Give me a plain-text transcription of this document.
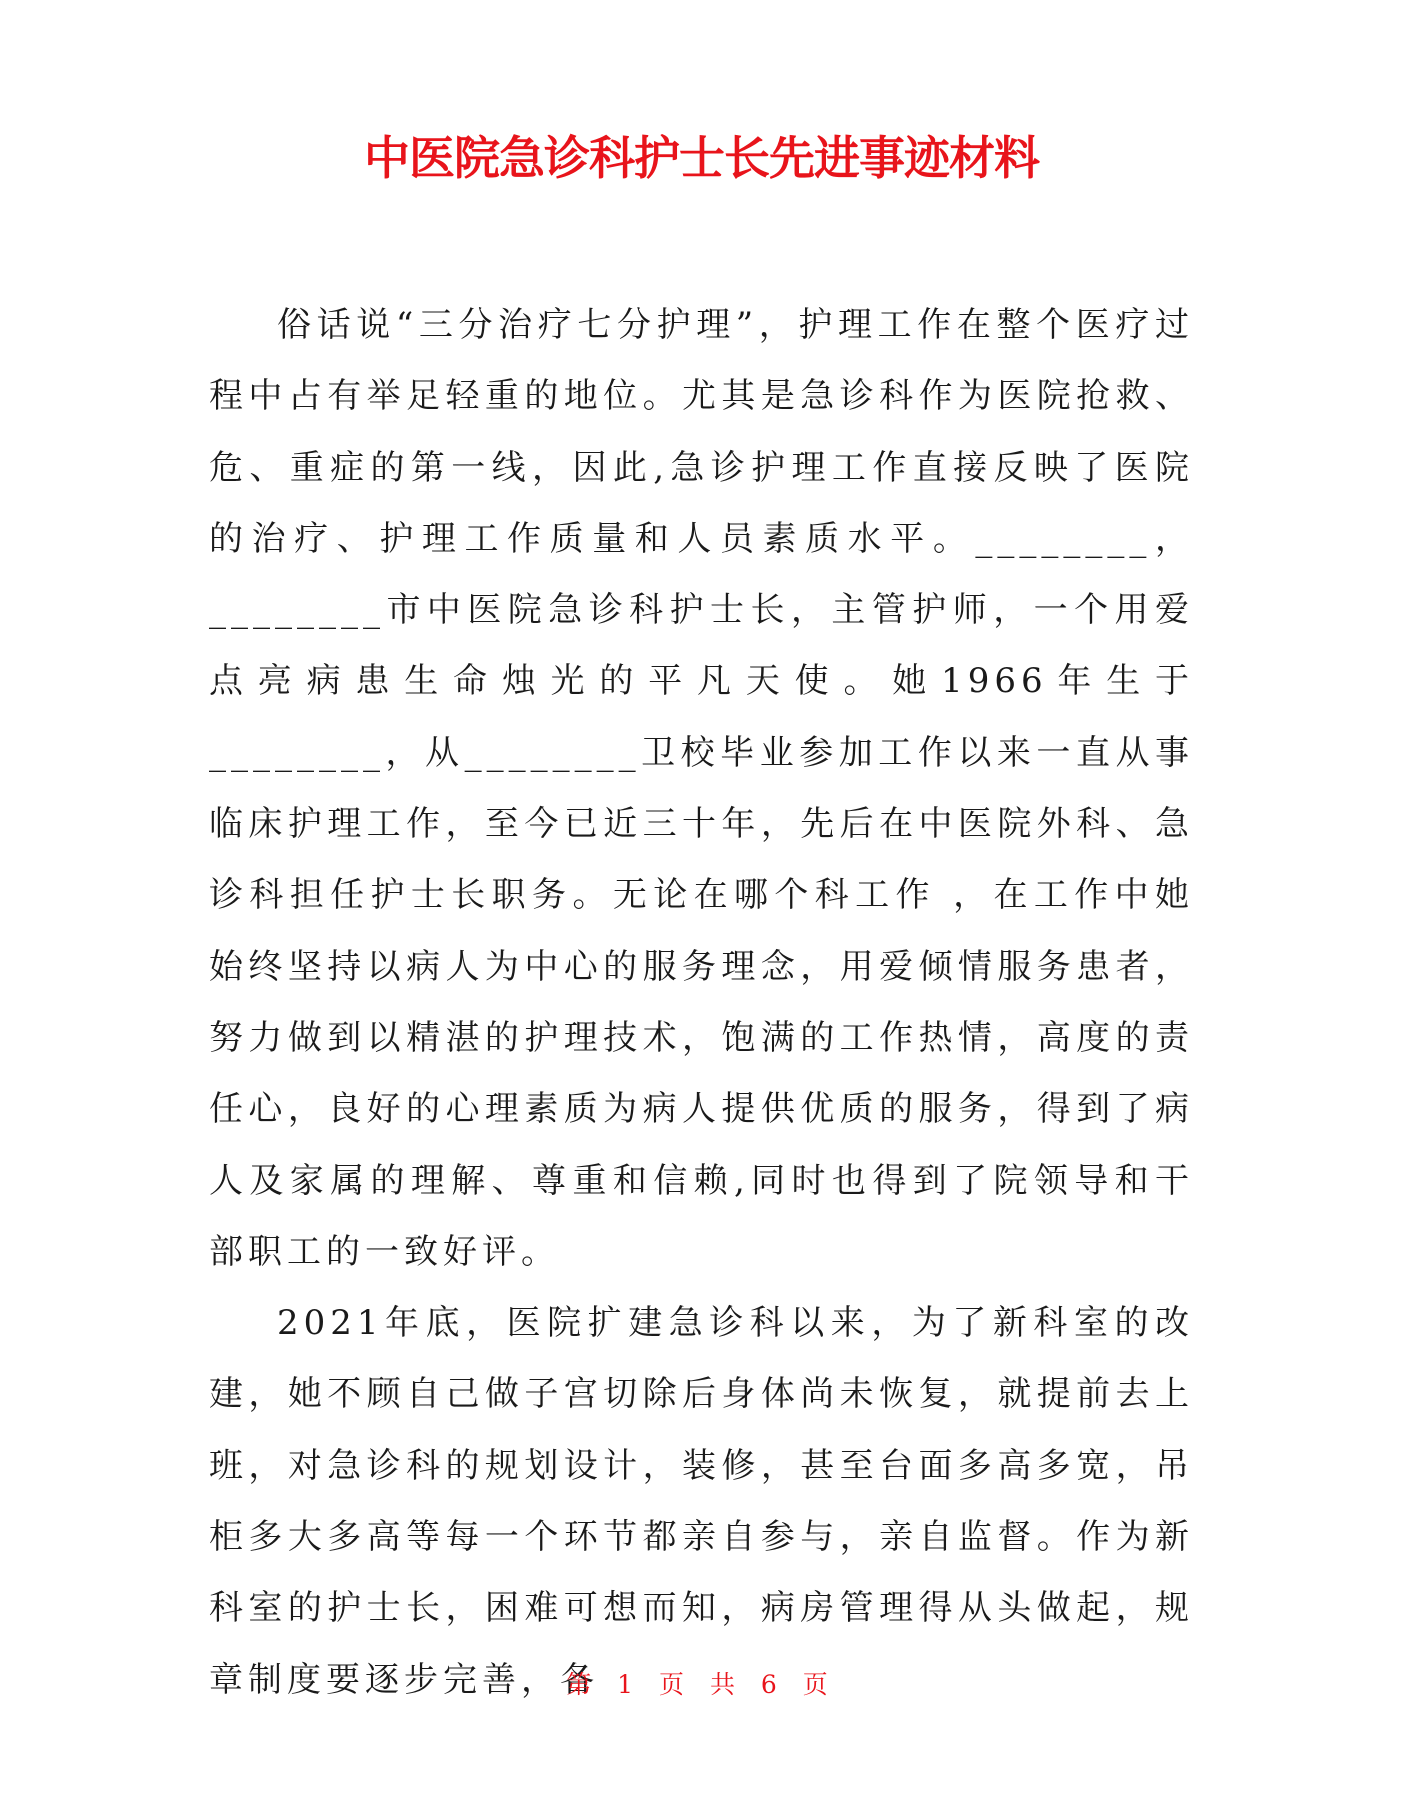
中医院急诊科护士长先进事迹材料

俗话说“三分治疗七分护理”，护理工作在整个医疗过程中占有举足轻重的地位。尤其是急诊科作为医院抢救、危、重症的第一线，因此,急诊护理工作直接反映了医院的治疗、护理工作质量和人员素质水平。________，________市中医院急诊科护士长，主管护师，一个用爱点亮病患生命烛光的平凡天使。她1966年生于________，从________卫校毕业参加工作以来一直从事临床护理工作，至今已近三十年，先后在中医院外科、急诊科担任护士长职务。无论在哪个科工作 ，在工作中她始终坚持以病人为中心的服务理念，用爱倾情服务患者，努力做到以精湛的护理技术，饱满的工作热情，高度的责任心，良好的心理素质为病人提供优质的服务，得到了病人及家属的理解、尊重和信赖,同时也得到了院领导和干部职工的一致好评。

2021年底，医院扩建急诊科以来，为了新科室的改建，她不顾自己做子宫切除后身体尚未恢复，就提前去上班，对急诊科的规划设计，装修，甚至台面多高多宽，吊柜多大多高等每一个环节都亲自参与，亲自监督。作为新科室的护士长，困难可想而知，病房管理得从头做起，规章制度要逐步完善，各

第 1 页 共 6 页
